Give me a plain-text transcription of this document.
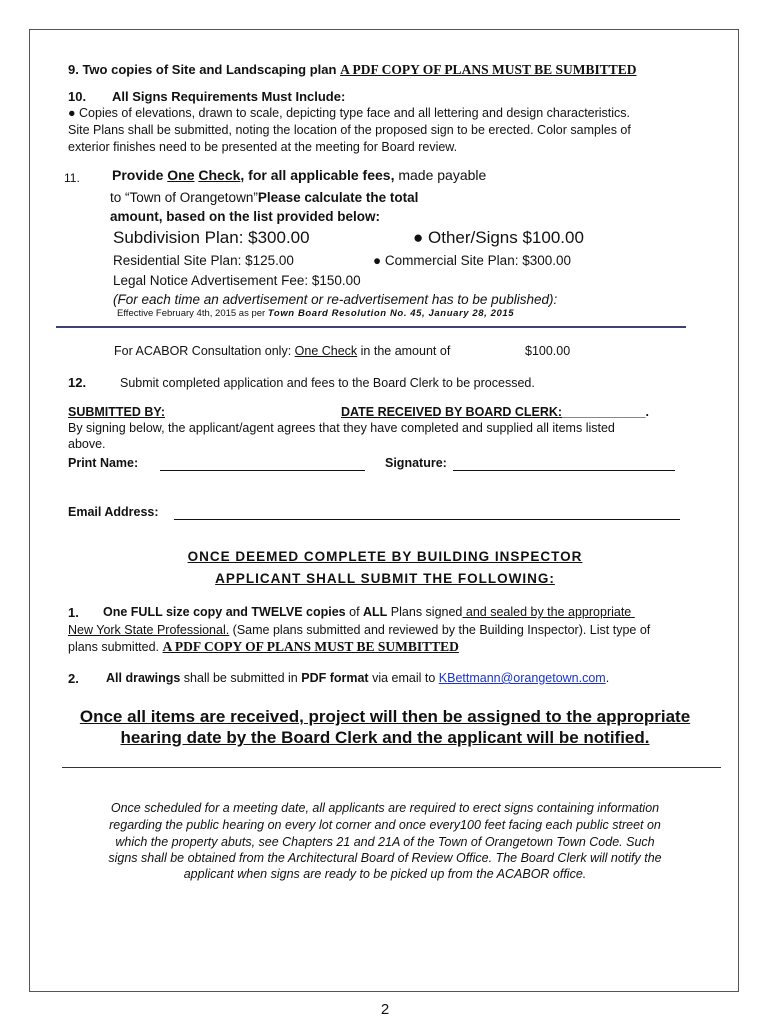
9. Two copies of Site and Landscaping plan A PDF COPY OF PLANS MUST BE SUMBITTED
10. All Signs Requirements Must Include:
● Copies of elevations, drawn to scale, depicting type face and all lettering and design characteristics.
Site Plans shall be submitted, noting the location of the proposed sign to be erected. Color samples of
exterior finishes need to be presented at the meeting for Board review.
11. Provide One Check, for all applicable fees, made payable
to “Town of Orangetown”Please calculate the total
amount, based on the list provided below:
Subdivision Plan: $300.00	● Other/Signs $100.00
Residential Site Plan: $125.00	● Commercial Site Plan: $300.00
Legal Notice Advertisement Fee: $150.00
(For each time an advertisement or re-advertisement has to be published):
Effective February 4th, 2015 as per Town Board Resolution No. 45, January 28, 2015
For ACABOR Consultation only: One Check in the amount of	$100.00
12.	Submit completed application and fees to the Board Clerk to be processed.
SUBMITTED BY:	DATE RECEIVED BY BOARD CLERK:____________.
By signing below, the applicant/agent agrees that they have completed and supplied all items listed
above.
Print Name:	Signature:
Email Address:
ONCE DEEMED COMPLETE BY BUILDING INSPECTOR
APPLICANT SHALL SUBMIT THE FOLLOWING:
1. One FULL size copy and TWELVE copies of ALL Plans signed and sealed by the appropriate
New York State Professional. (Same plans submitted and reviewed by the Building Inspector). List type of
plans submitted. A PDF COPY OF PLANS MUST BE SUMBITTED
2. All drawings shall be submitted in PDF format via email to KBettmann@orangetown.com.
Once all items are received, project will then be assigned to the appropriate
hearing date by the Board Clerk and the applicant will be notified.
Once scheduled for a meeting date, all applicants are required to erect signs containing information
regarding the public hearing on every lot corner and once every100 feet facing each public street on
which the property abuts, see Chapters 21 and 21A of the Town of Orangetown Town Code. Such
signs shall be obtained from the Architectural Board of Review Office. The Board Clerk will notify the
applicant when signs are ready to be picked up from the ACABOR office.
2
